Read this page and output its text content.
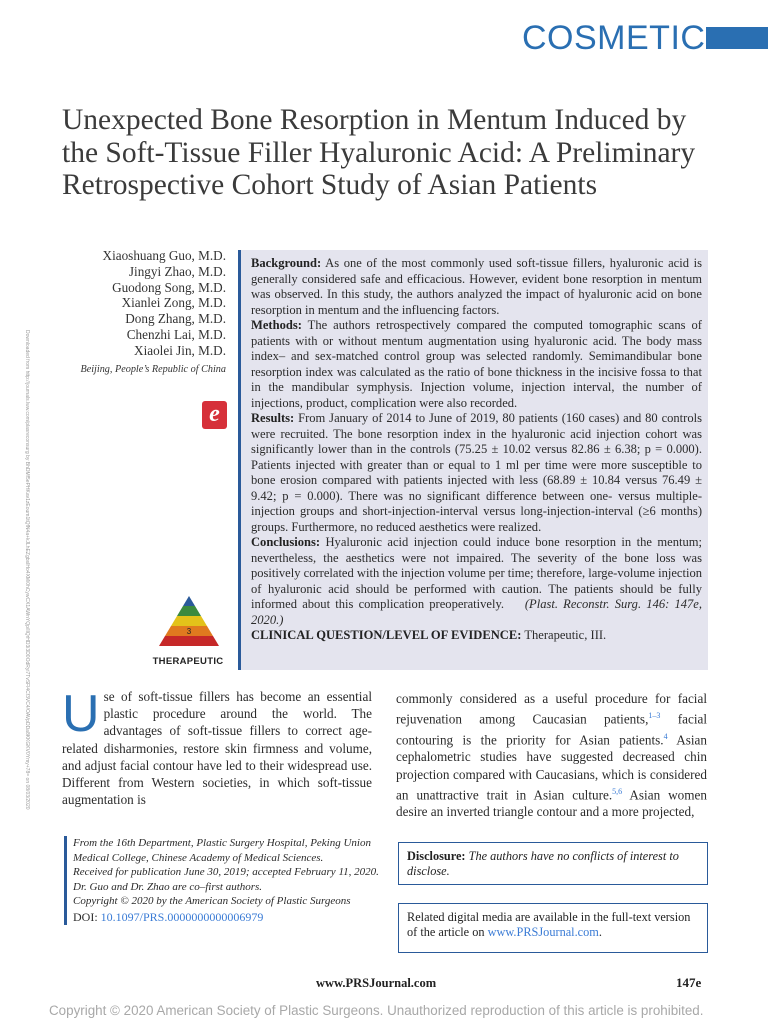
Downloaded from http://journals.lww.com/plasreconsurg by BhDMf5ePHKav1zEoum1tQfN4a+kJLhEZgbsIHo4XMi0hCywCX1AWnYQp/IlQrHD3i3D0OdRyi7TvSFl4Cf3VC4/OAVpDDa8KKGKV0Ymy+78= on 08/03/2020
COSMETIC
Unexpected Bone Resorption in Mentum Induced by the Soft-Tissue Filler Hyaluronic Acid: A Preliminary Retrospective Cohort Study of Asian Patients
Xiaoshuang Guo, M.D.
Jingyi Zhao, M.D.
Guodong Song, M.D.
Xianlei Zong, M.D.
Dong Zhang, M.D.
Chenzhi Lai, M.D.
Xiaolei Jin, M.D.
Beijing, People’s Republic of China
e

Background: As one of the most commonly used soft-tissue fillers, hyaluronic acid is generally considered safe and efficacious. However, evident bone resorption in mentum was observed. In this study, the authors analyzed the impact of hyaluronic acid on bone resorption in mentum and the influencing factors.

Methods: The authors retrospectively compared the computed tomographic scans of patients with or without mentum augmentation using hyaluronic acid. The body mass index– and sex-matched control group was selected randomly. Semimandibular bone resorption index was calculated as the ratio of bone thickness in the incisive fossa to that in the mandibular symphysis. Injection volume, injection interval, the number of injections, product, complication were also recorded.

Results: From January of 2014 to June of 2019, 80 patients (160 cases) and 80 controls were recruited. The bone resorption index in the hyaluronic acid injection cohort was significantly lower than in the controls (75.25 ± 10.02 versus 82.86 ± 6.38; p = 0.000). Patients injected with greater than or equal to 1 ml per time were more susceptible to bone erosion compared with patients injected with less (68.89 ± 10.84 versus 76.49 ± 9.42; p = 0.000). There was no significant difference between one- versus multiple-injection groups and short-injection-interval versus long-injection-interval (≥6 months) groups. Furthermore, no reduced aesthetics were realized.

Conclusions: Hyaluronic acid injection could induce bone resorption in the mentum; nevertheless, the aesthetics were not impaired. The severity of the bone loss was positively correlated with the injection volume per time; therefore, large-volume injection of hyaluronic acid should be performed with caution. The patients should be fully informed about this complication preoperatively. (Plast. Reconstr. Surg. 146: 147e, 2020.)

CLINICAL QUESTION/LEVEL OF EVIDENCE: Therapeutic, III.

3
THERAPEUTIC
Use of soft-tissue fillers has become an essential plastic procedure around the world. The advantages of soft-tissue fillers to correct age-related disharmonies, restore skin firmness and volume, and adjust facial contour have led to their widespread use. Different from Western societies, in which soft-tissue augmentation is
commonly considered as a useful procedure for facial rejuvenation among Caucasian patients,$^{1-3}$ facial contouring is the priority for Asian patients.$^4$ Asian cephalometric studies have suggested decreased chin projection compared with Caucasians, which is considered an unattractive trait in Asian culture.$^{5,6}$ Asian women desire an inverted triangle contour and a more projected,
From the 16th Department, Plastic Surgery Hospital, Peking Union Medical College, Chinese Academy of Medical Sciences.
Received for publication June 30, 2019; accepted February 11, 2020.
Dr. Guo and Dr. Zhao are co–first authors.
Copyright © 2020 by the American Society of Plastic Surgeons
DOI: 10.1097/PRS.0000000000006979
Disclosure: The authors have no conflicts of interest to disclose.
Related digital media are available in the full-text version of the article on www.PRSJournal.com.
www.PRSJournal.com	147e
Copyright © 2020 American Society of Plastic Surgeons. Unauthorized reproduction of this article is prohibited.
